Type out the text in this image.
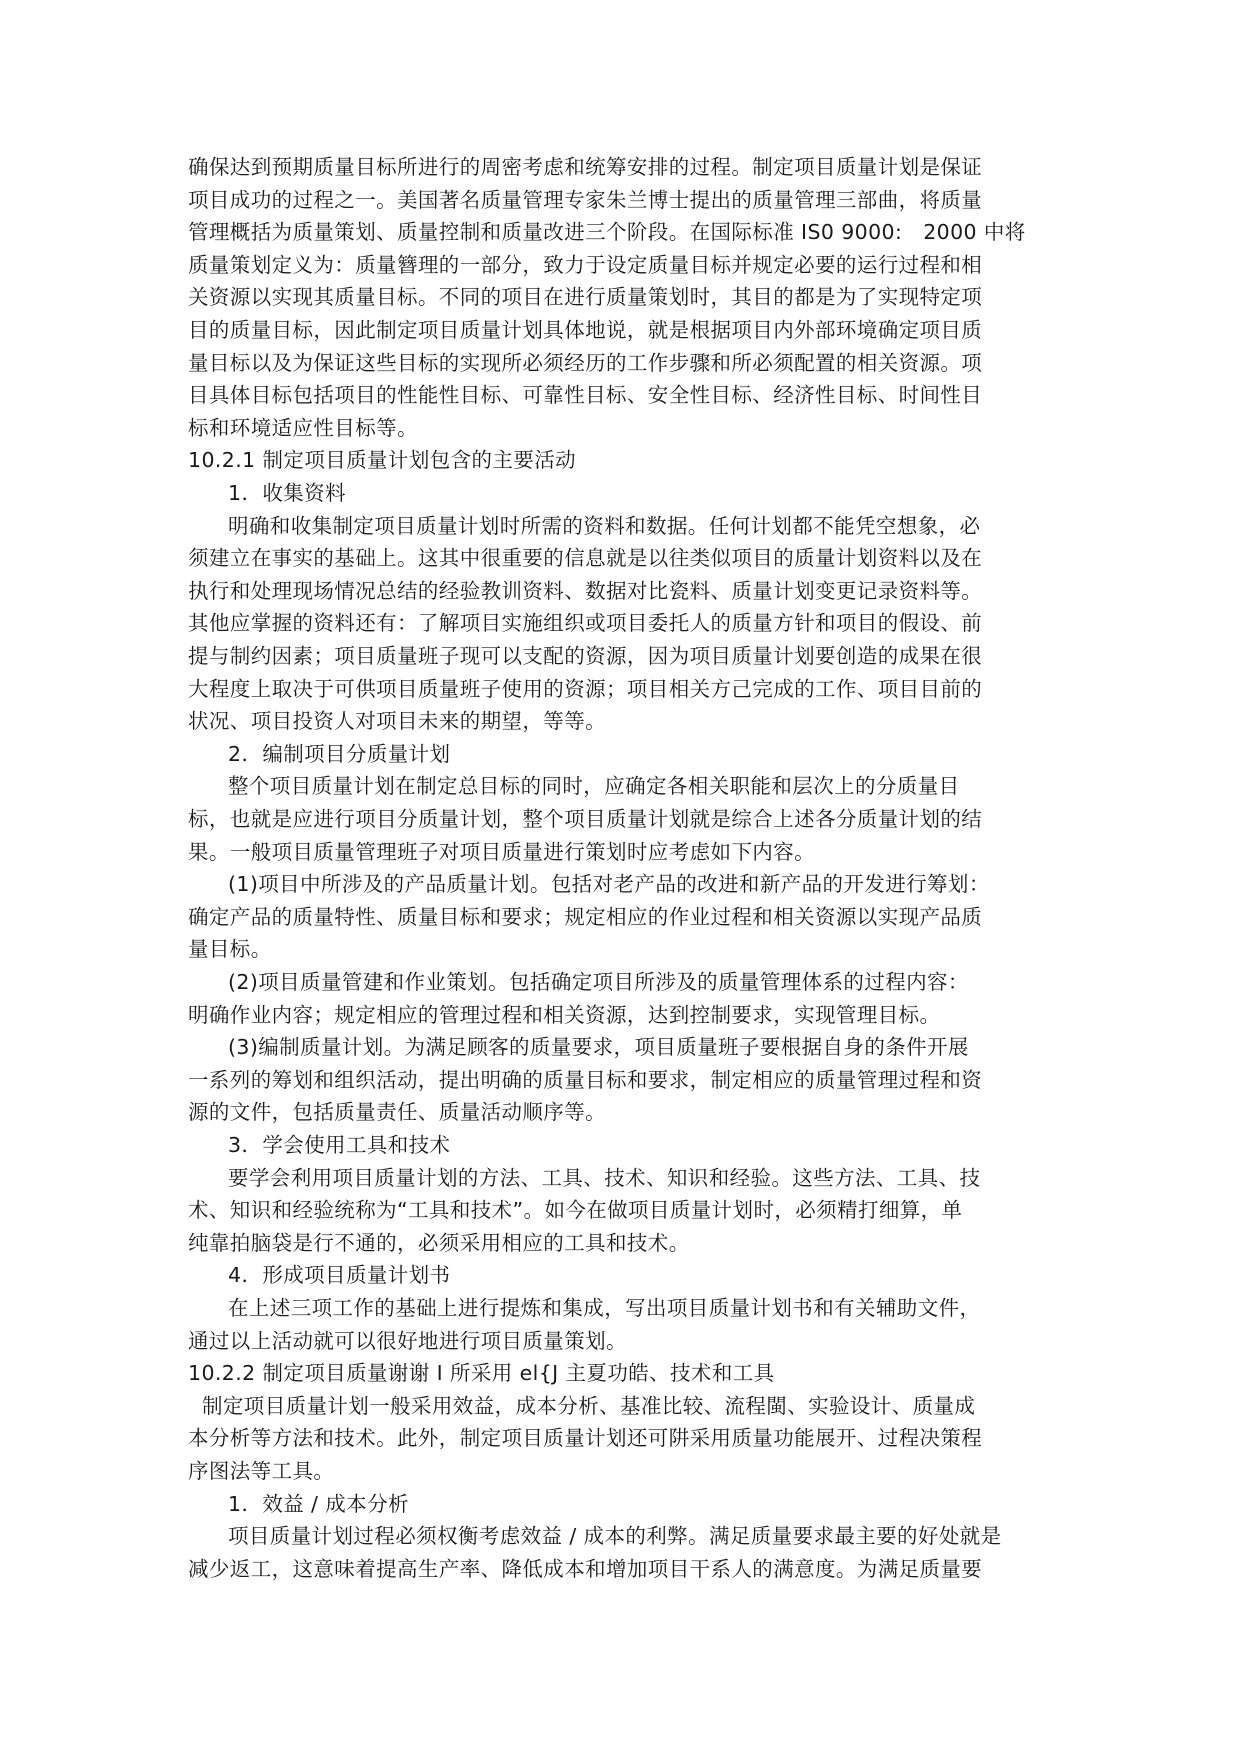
确保达到预期质量目标所进行的周密考虑和统筹安排的过程。制定项目质量计划是保证
项目成功的过程之一。美国著名质量管理专家朱兰博士提出的质量管理三部曲，将质量
管理概括为质量策划、质量控制和质量改进三个阶段。在国际标准 IS0 9000:　2000 中将
质量策划定义为：质量簪理的一部分，致力于设定质量目标并规定必要的运行过程和相
关资源以实现其质量目标。不同的项目在进行质量策划时，其目的都是为了实现特定项
目的质量目标，因此制定项目质量计划具体地说，就是根据项目内外部环境确定项目质
量目标以及为保证这些目标的实现所必须经历的工作步骤和所必须配置的相关资源。项
目具体目标包括项目的性能性目标、可靠性目标、安全性目标、经济性目标、时间性目
标和环境适应性目标等。
10.2.1 制定项目质量计划包含的主要活动
1．收集资料
明确和收集制定项目质量计划时所需的资料和数据。任何计划都不能凭空想象，必
须建立在事实的基础上。这其中很重要的信息就是以往类似项目的质量计划资料以及在
执行和处理现场情况总结的经验教训资料、数据对比瓷料、质量计划变更记录资料等。
其他应掌握的资料还有：了解项目实施组织或项目委托人的质量方针和项目的假设、前
提与制约因素；项目质量班子现可以支配的资源，因为项目质量计划要创造的成果在很
大程度上取决于可供项目质量班子使用的资源；项目相关方己完成的工作、项目目前的
状况、项目投资人对项目未来的期望，等等。
2．编制项目分质量计划
整个项目质量计划在制定总目标的同时，应确定各相关职能和层次上的分质量目
标，也就是应进行项目分质量计划，整个项目质量计划就是综合上述各分质量计划的结
果。一般项目质量管理班子对项目质量进行策划时应考虑如下内容。
(1)项目中所涉及的产品质量计划。包括对老产品的改进和新产品的开发进行筹划：
确定产品的质量特性、质量目标和要求；规定相应的作业过程和相关资源以实现产品质
量目标。
(2)项目质量管建和作业策划。包括确定项目所涉及的质量管理体系的过程内容：
明确作业内容；规定相应的管理过程和相关资源，达到控制要求，实现管理目标。
(3)编制质量计划。为满足顾客的质量要求，项目质量班子要根据自身的条件开展
一系列的筹划和组织活动，提出明确的质量目标和要求，制定相应的质量管理过程和资
源的文件，包括质量责任、质量活动顺序等。
3．学会使用工具和技术
要学会利用项目质量计划的方法、工具、技术、知识和经验。这些方法、工具、技
术、知识和经验统称为“工具和技术”。如今在做项目质量计划时，必须精打细算，单
纯靠拍脑袋是行不通的，必须采用相应的工具和技术。
4．形成项目质量计划书
在上述三项工作的基础上进行提炼和集成，写出项目质量计划书和有关辅助文件，
通过以上活动就可以很好地进行项目质量策划。
10.2.2 制定项目质量谢谢 I 所采用 el{J 主夏功皓、技术和工具
制定项目质量计划一般采用效益，成本分析、基准比较、流程閩、实验设计、质量成
本分析等方法和技术。此外，制定项目质量计划还可阱采用质量功能展开、过程决策程
序图法等工具。
1．效益 / 成本分析
项目质量计划过程必须权衡考虑效益 / 成本的利弊。满足质量要求最主要的好处就是
减少返工，这意味着提高生产率、降低成本和增加项目干系人的满意度。为满足质量要
